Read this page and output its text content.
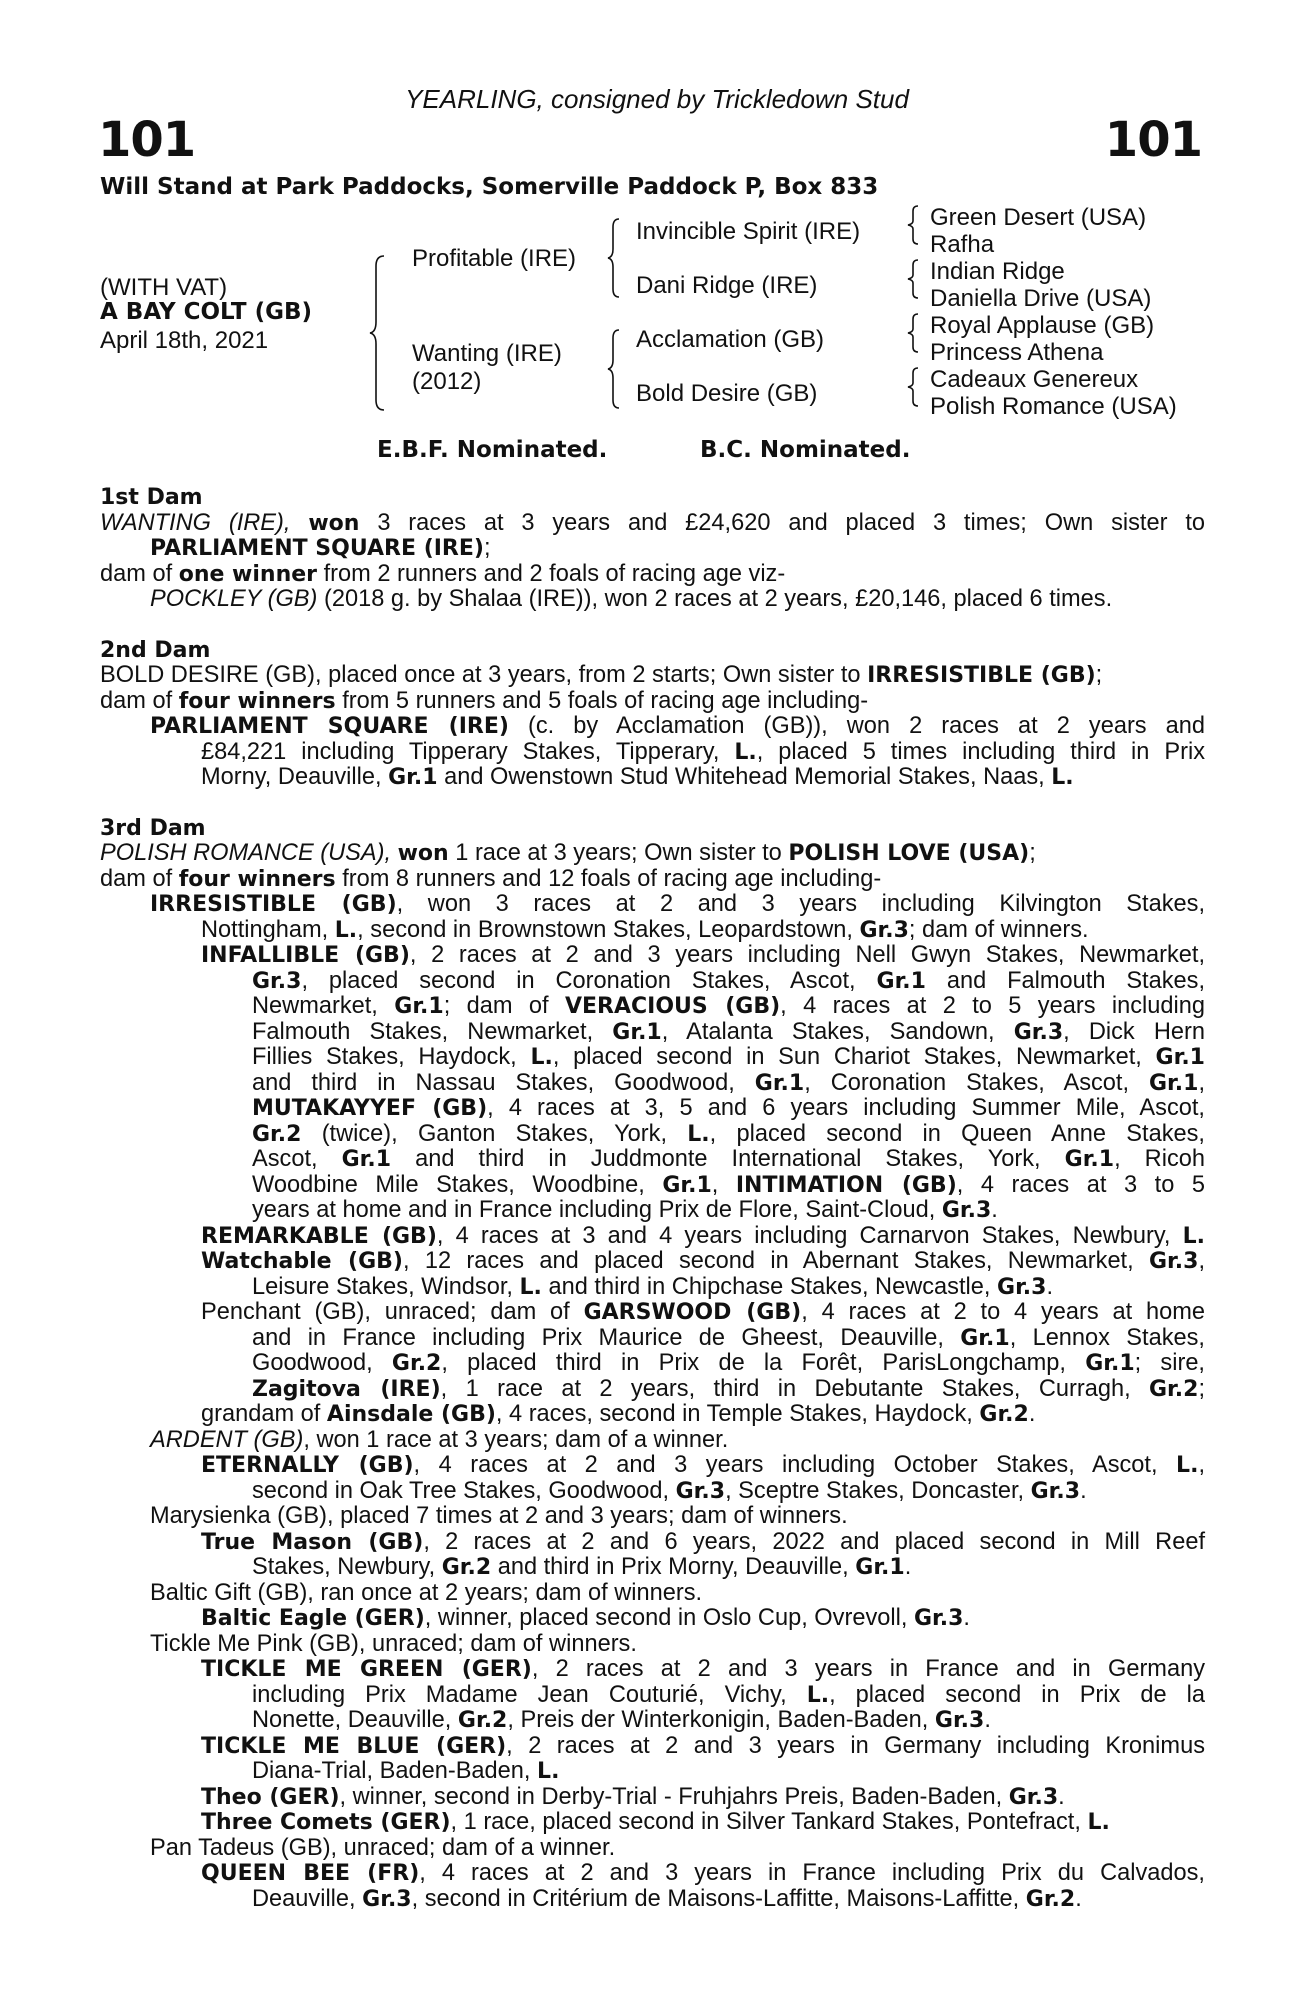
YEARLING, consigned by Trickledown Stud
101	101
Will Stand at Park Paddocks, Somerville Paddock P, Box 833
(WITH VAT)
A BAY COLT (GB)
April 18th, 2021
Profitable (IRE)
Wanting (IRE)
(2012)
Invincible Spirit (IRE)
Dani Ridge (IRE)
Acclamation (GB)
Bold Desire (GB)
Green Desert (USA)
Rafha
Indian Ridge
Daniella Drive (USA)
Royal Applause (GB)
Princess Athena
Cadeaux Genereux
Polish Romance (USA)
E.B.F. Nominated.	B.C. Nominated.
1st Dam
WANTING (IRE), won 3 races at 3 years and £24,620 and placed 3 times; Own sister to
PARLIAMENT SQUARE (IRE);
dam of one winner from 2 runners and 2 foals of racing age viz-
POCKLEY (GB) (2018 g. by Shalaa (IRE)), won 2 races at 2 years, £20,146, placed 6 times.
2nd Dam
BOLD DESIRE (GB), placed once at 3 years, from 2 starts; Own sister to IRRESISTIBLE (GB);
dam of four winners from 5 runners and 5 foals of racing age including-
PARLIAMENT SQUARE (IRE) (c. by Acclamation (GB)), won 2 races at 2 years and
£84,221 including Tipperary Stakes, Tipperary, L., placed 5 times including third in Prix
Morny, Deauville, Gr.1 and Owenstown Stud Whitehead Memorial Stakes, Naas, L.
3rd Dam
POLISH ROMANCE (USA), won 1 race at 3 years; Own sister to POLISH LOVE (USA);
dam of four winners from 8 runners and 12 foals of racing age including-
IRRESISTIBLE (GB), won 3 races at 2 and 3 years including Kilvington Stakes,
Nottingham, L., second in Brownstown Stakes, Leopardstown, Gr.3; dam of winners.
INFALLIBLE (GB), 2 races at 2 and 3 years including Nell Gwyn Stakes, Newmarket,
Gr.3, placed second in Coronation Stakes, Ascot, Gr.1 and Falmouth Stakes,
Newmarket, Gr.1; dam of VERACIOUS (GB), 4 races at 2 to 5 years including
Falmouth Stakes, Newmarket, Gr.1, Atalanta Stakes, Sandown, Gr.3, Dick Hern
Fillies Stakes, Haydock, L., placed second in Sun Chariot Stakes, Newmarket, Gr.1
and third in Nassau Stakes, Goodwood, Gr.1, Coronation Stakes, Ascot, Gr.1,
MUTAKAYYEF (GB), 4 races at 3, 5 and 6 years including Summer Mile, Ascot,
Gr.2 (twice), Ganton Stakes, York, L., placed second in Queen Anne Stakes,
Ascot, Gr.1 and third in Juddmonte International Stakes, York, Gr.1, Ricoh
Woodbine Mile Stakes, Woodbine, Gr.1, INTIMATION (GB), 4 races at 3 to 5
years at home and in France including Prix de Flore, Saint-Cloud, Gr.3.
REMARKABLE (GB), 4 races at 3 and 4 years including Carnarvon Stakes, Newbury, L.
Watchable (GB), 12 races and placed second in Abernant Stakes, Newmarket, Gr.3,
Leisure Stakes, Windsor, L. and third in Chipchase Stakes, Newcastle, Gr.3.
Penchant (GB), unraced; dam of GARSWOOD (GB), 4 races at 2 to 4 years at home
and in France including Prix Maurice de Gheest, Deauville, Gr.1, Lennox Stakes,
Goodwood, Gr.2, placed third in Prix de la Forêt, ParisLongchamp, Gr.1; sire,
Zagitova (IRE), 1 race at 2 years, third in Debutante Stakes, Curragh, Gr.2;
grandam of Ainsdale (GB), 4 races, second in Temple Stakes, Haydock, Gr.2.
ARDENT (GB), won 1 race at 3 years; dam of a winner.
ETERNALLY (GB), 4 races at 2 and 3 years including October Stakes, Ascot, L.,
second in Oak Tree Stakes, Goodwood, Gr.3, Sceptre Stakes, Doncaster, Gr.3.
Marysienka (GB), placed 7 times at 2 and 3 years; dam of winners.
True Mason (GB), 2 races at 2 and 6 years, 2022 and placed second in Mill Reef
Stakes, Newbury, Gr.2 and third in Prix Morny, Deauville, Gr.1.
Baltic Gift (GB), ran once at 2 years; dam of winners.
Baltic Eagle (GER), winner, placed second in Oslo Cup, Ovrevoll, Gr.3.
Tickle Me Pink (GB), unraced; dam of winners.
TICKLE ME GREEN (GER), 2 races at 2 and 3 years in France and in Germany
including Prix Madame Jean Couturié, Vichy, L., placed second in Prix de la
Nonette, Deauville, Gr.2, Preis der Winterkonigin, Baden-Baden, Gr.3.
TICKLE ME BLUE (GER), 2 races at 2 and 3 years in Germany including Kronimus
Diana-Trial, Baden-Baden, L.
Theo (GER), winner, second in Derby-Trial - Fruhjahrs Preis, Baden-Baden, Gr.3.
Three Comets (GER), 1 race, placed second in Silver Tankard Stakes, Pontefract, L.
Pan Tadeus (GB), unraced; dam of a winner.
QUEEN BEE (FR), 4 races at 2 and 3 years in France including Prix du Calvados,
Deauville, Gr.3, second in Critérium de Maisons-Laffitte, Maisons-Laffitte, Gr.2.
